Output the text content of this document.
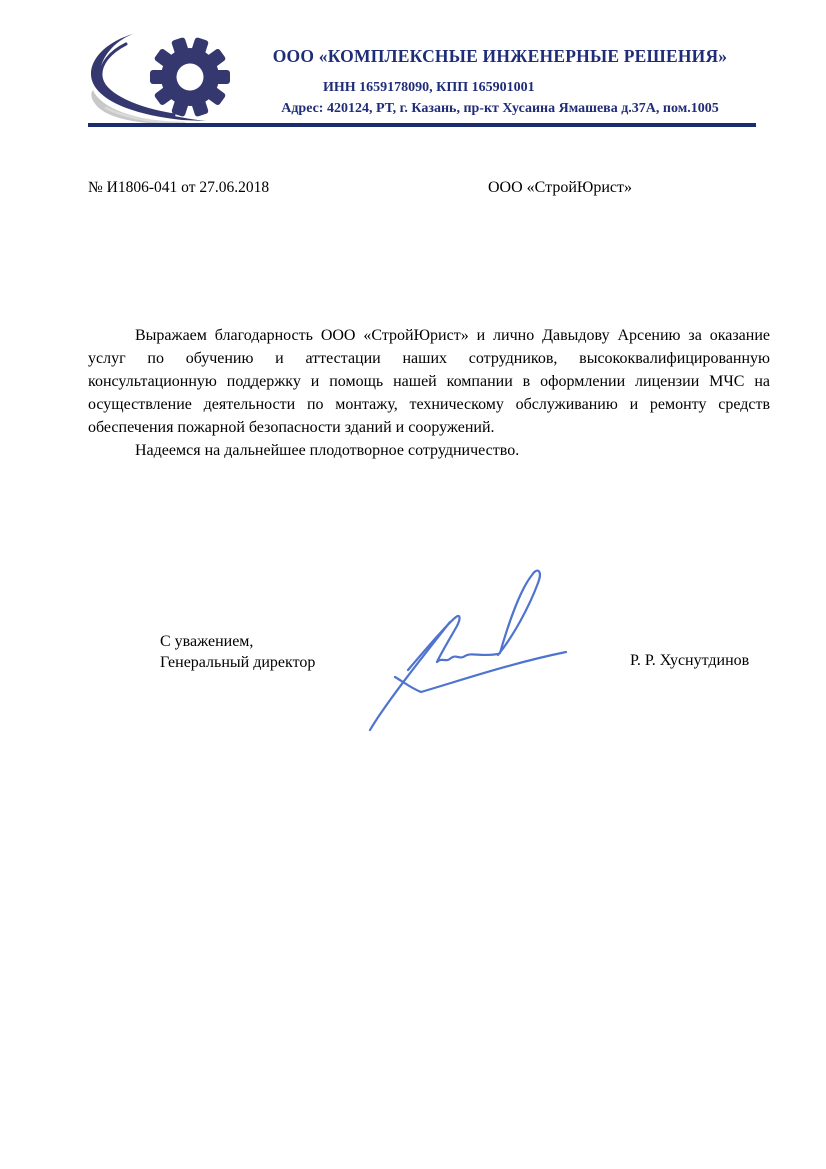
ООО «КОМПЛЕКСНЫЕ ИНЖЕНЕРНЫЕ РЕШЕНИЯ»
ИНН 1659178090, КПП 165901001
Адрес: 420124, РТ, г. Казань, пр-кт Хусаина Ямашева д.37А, пом.1005
№ И1806-041 от 27.06.2018	ООО «СтройЮрист»

Выражаем благодарность ООО «СтройЮрист» и лично Давыдову Арсению за оказание услуг по обучению и аттестации наших сотрудников, высококвалифицированную консультационную поддержку и помощь нашей компании в оформлении лицензии МЧС на осуществление деятельности по монтажу, техническому обслуживанию и ремонту средств обеспечения пожарной безопасности зданий и сооружений.

Надеемся на дальнейшее плодотворное сотрудничество.

С уважением,
Генеральный директор	Р. Р. Хуснутдинов
